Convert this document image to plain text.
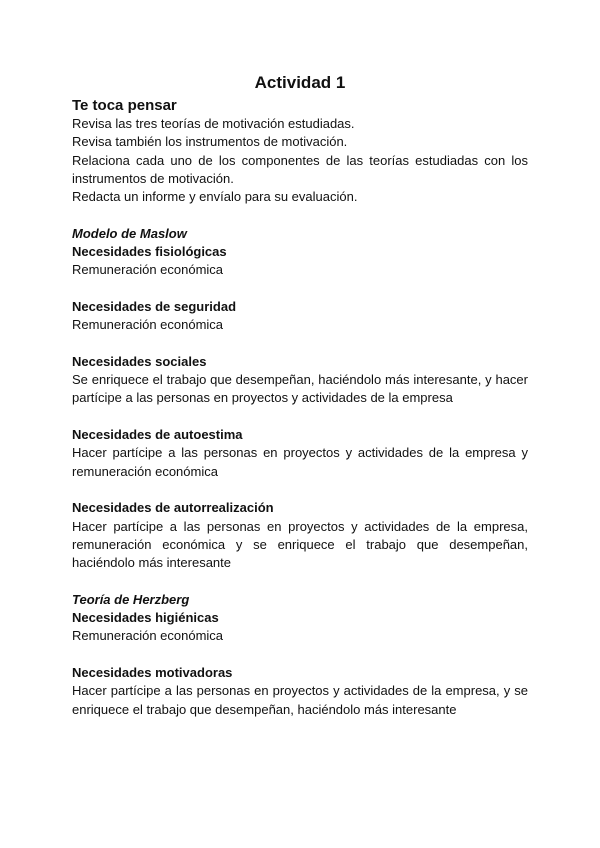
Actividad 1
Te toca pensar

Revisa las tres teorías de motivación estudiadas.

Revisa también los instrumentos de motivación.

Relaciona cada uno de los componentes de las teorías estudiadas con los instrumentos de motivación.

Redacta un informe y envíalo para su evaluación.

Modelo de Maslow

Necesidades fisiológicas

Remuneración económica

Necesidades de seguridad

Remuneración económica

Necesidades sociales

Se enriquece el trabajo que desempeñan, haciéndolo más interesante, y hacer partícipe a las personas en proyectos y actividades de la empresa

Necesidades de autoestima

Hacer partícipe a las personas en proyectos y actividades de la empresa y remuneración económica

Necesidades de autorrealización

Hacer partícipe a las personas en proyectos y actividades de la empresa, remuneración económica y se enriquece el trabajo que desempeñan, haciéndolo más interesante

Teoría de Herzberg

Necesidades higiénicas

Remuneración económica

Necesidades motivadoras

Hacer partícipe a las personas en proyectos y actividades de la empresa, y se enriquece el trabajo que desempeñan, haciéndolo más interesante
